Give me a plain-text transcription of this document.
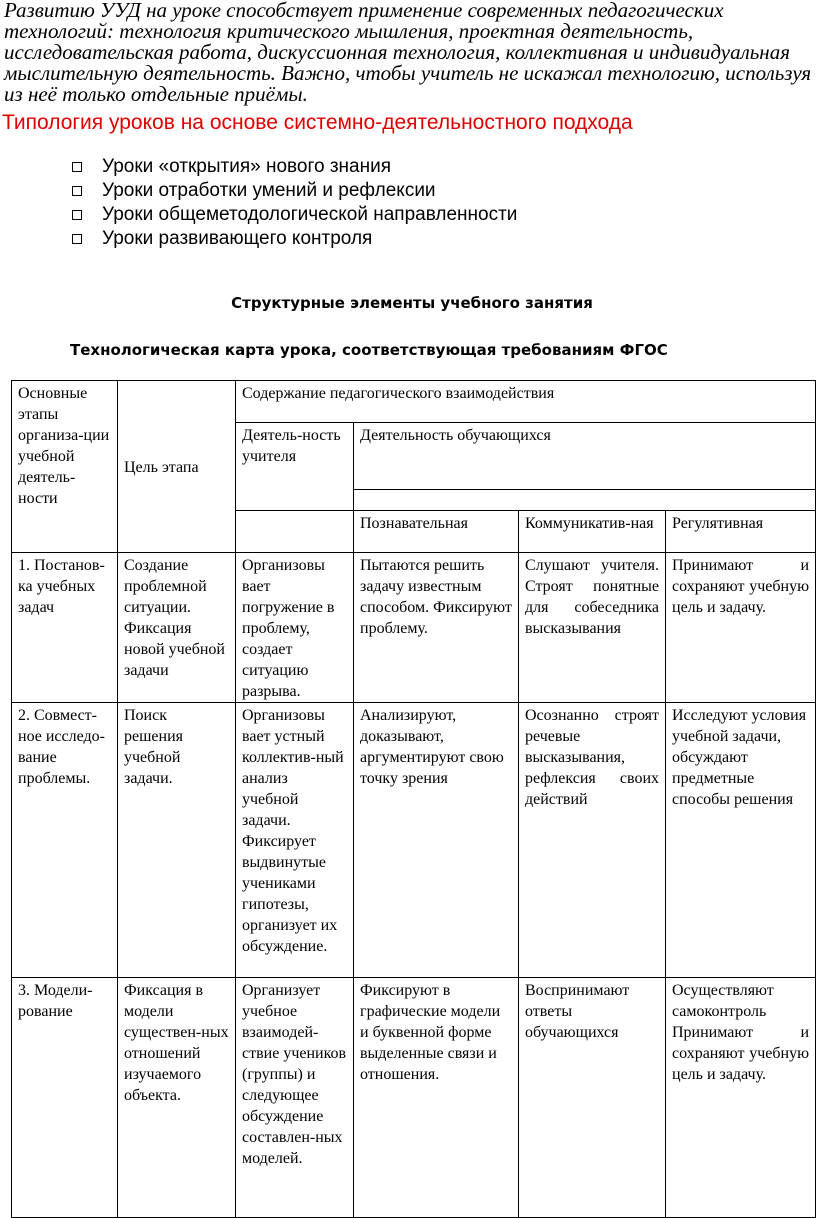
Развитию УУД на уроке способствует применение современных педагогических технологий: технология критического мышления, проектная деятельность, исследовательская работа, дискуссионная технология, коллективная и индивидуальная мыслительную деятельность. Важно, чтобы учитель не искажал технологию, используя из неё только отдельные приёмы.

Типология уроков на основе системно-деятельностного подхода

Уроки «открытия» нового знания
Уроки отработки умений и рефлексии
Уроки общеметодологической направленности
Уроки развивающего контроля

Структурные элементы учебного занятия

Технологическая карта урока, соответствующая требованиям ФГОС

Основные этапы организа-ции учебной деятель-ности	Цель этапа	Содержание педагогического взаимодействия			
		Деятель-ность учителя	Деятельность обучающихся		

			Познавательная	Коммуникатив-ная	Регулятивная
1. Постанов-ка учебных задач	Создание проблемной ситуации. Фиксация новой учебной задачи	Организовы вает погружение в проблему, создает ситуацию разрыва.	Пытаются решить задачу известным способом. Фиксируют проблему.	Слушают учителя. Строят понятные для собеседника высказывания	Принимают и сохраняют учебную цель и задачу.
2. Совмест-ное исследо-вание проблемы.	Поиск решения учебной задачи.	Организовы вает устный коллектив-ный анализ учебной задачи. Фиксирует выдвинутые учениками гипотезы, организует их обсуждение.	Анализируют, доказывают, аргументируют свою точку зрения	Осознанно строят речевые высказывания, рефлексия своих действий	Исследуют условия учебной задачи, обсуждают предметные способы решения
3. Модели-рование	Фиксация в модели существен-ных отношений изучаемого объекта.	Организует учебное взаимодей-ствие учеников (группы) и следующее обсуждение составлен-ных моделей.	Фиксируют в графические модели и буквенной форме выделенные связи и отношения.	Воспринимают ответы обучающихся	Осуществляют самоконтроль Принимают и сохраняют учебную цель и задачу.
